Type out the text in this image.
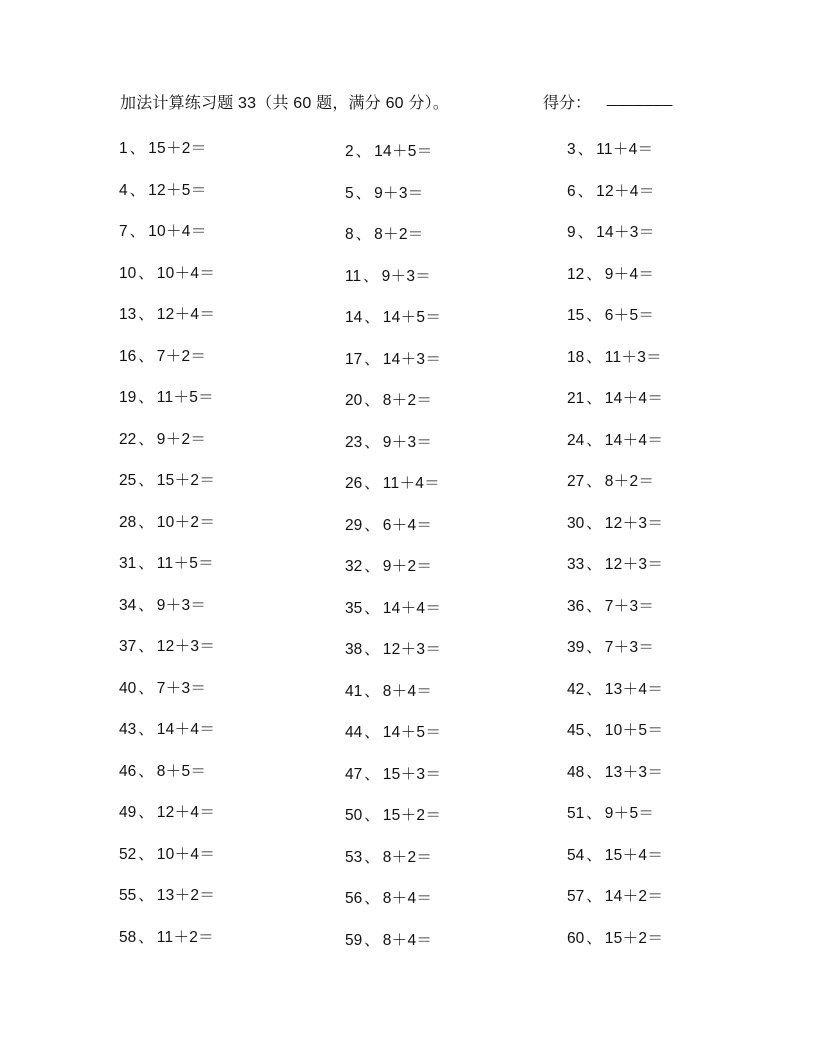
加法计算练习题 33（共 60 题，满分 60 分）。	得分： _______
1 、 15＋2＝	2 、 14＋5＝	3 、 11＋4＝
4 、 12＋5＝	5 、 9＋3＝	6 、 12＋4＝
7 、 10＋4＝	8 、 8＋2＝	9 、 14＋3＝
10 、 10＋4＝	11 、 9＋3＝	12 、 9＋4＝
13 、 12＋4＝	14 、 14＋5＝	15 、 6＋5＝
16 、 7＋2＝	17 、 14＋3＝	18 、 11＋3＝
19 、 11＋5＝	20 、 8＋2＝	21 、 14＋4＝
22 、 9＋2＝	23 、 9＋3＝	24 、 14＋4＝
25 、 15＋2＝	26 、 11＋4＝	27 、 8＋2＝
28 、 10＋2＝	29 、 6＋4＝	30 、 12＋3＝
31 、 11＋5＝	32 、 9＋2＝	33 、 12＋3＝
34 、 9＋3＝	35 、 14＋4＝	36 、 7＋3＝
37 、 12＋3＝	38 、 12＋3＝	39 、 7＋3＝
40 、 7＋3＝	41 、 8＋4＝	42 、 13＋4＝
43 、 14＋4＝	44 、 14＋5＝	45 、 10＋5＝
46 、 8＋5＝	47 、 15＋3＝	48 、 13＋3＝
49 、 12＋4＝	50 、 15＋2＝	51 、 9＋5＝
52 、 10＋4＝	53 、 8＋2＝	54 、 15＋4＝
55 、 13＋2＝	56 、 8＋4＝	57 、 14＋2＝
58 、 11＋2＝	59 、 8＋4＝	60 、 15＋2＝
